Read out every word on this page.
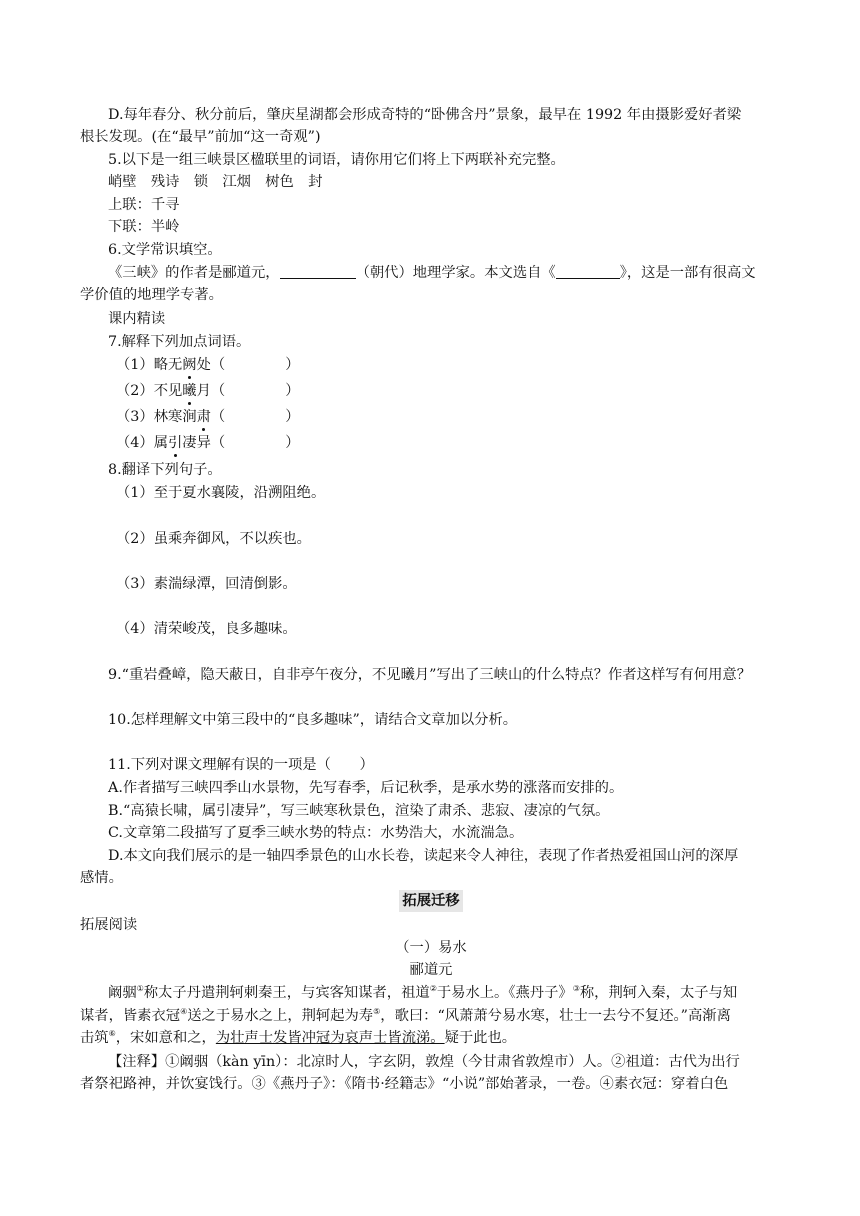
D.每年春分、秋分前后，肇庆星湖都会形成奇特的“卧佛含丹”景象，最早在 1992 年由摄影爱好者梁
根长发现。(在“最早”前加“这一奇观”)
5.以下是一组三峡景区楹联里的词语，请你用它们将上下两联补充完整。
峭壁　残诗　锁　江烟　树色　封
上联：千寻
下联：半岭
6.文学常识填空。
《三峡》的作者是郦道元，	（朝代）地理学家。本文选自《	》，这是一部有很高文
学价值的地理学专著。
课内精读
7.解释下列加点词语。
（1）略无阙处（	）
（2）不见曦月（	）
（3）林寒涧肃（	）
（4）属引凄异（	）
8.翻译下列句子。
（1）至于夏水襄陵，沿溯阻绝。
（2）虽乘奔御风，不以疾也。
（3）素湍绿潭，回清倒影。
（4）清荣峻茂，良多趣味。
9.“重岩叠嶂，隐天蔽日，自非亭午夜分，不见曦月”写出了三峡山的什么特点？作者这样写有何用意？
10.怎样理解文中第三段中的“良多趣味”，请结合文章加以分析。
11.下列对课文理解有误的一项是（　　）
A.作者描写三峡四季山水景物，先写春季，后记秋季，是承水势的涨落而安排的。
B.“高猿长啸，属引凄异”，写三峡寒秋景色，渲染了肃杀、悲寂、凄凉的气氛。
C.文章第二段描写了夏季三峡水势的特点：水势浩大，水流湍急。
D.本文向我们展示的是一轴四季景色的山水长卷，读起来令人神往，表现了作者热爱祖国山河的深厚
感情。
拓展迁移
拓展阅读
（一）易水
郦道元
阚骃①称太子丹遣荆轲刺秦王，与宾客知谋者，祖道②于易水上。《燕丹子》③称，荆轲入秦，太子与知
谋者，皆素衣冠④送之于易水之上，荆轲起为寿⑤，歌曰：“风萧萧兮易水寒，壮士一去兮不复还。”高渐离
击筑⑥，宋如意和之，为壮声士发皆冲冠为哀声士皆流涕。疑于此也。
【注释】①阚骃（kàn yīn）：北凉时人，字玄阴，敦煌（今甘肃省敦煌市）人。②祖道：古代为出行
者祭祀路神，并饮宴饯行。③《燕丹子》：《隋书·经籍志》“小说”部始著录，一卷。④素衣冠：穿着白色
